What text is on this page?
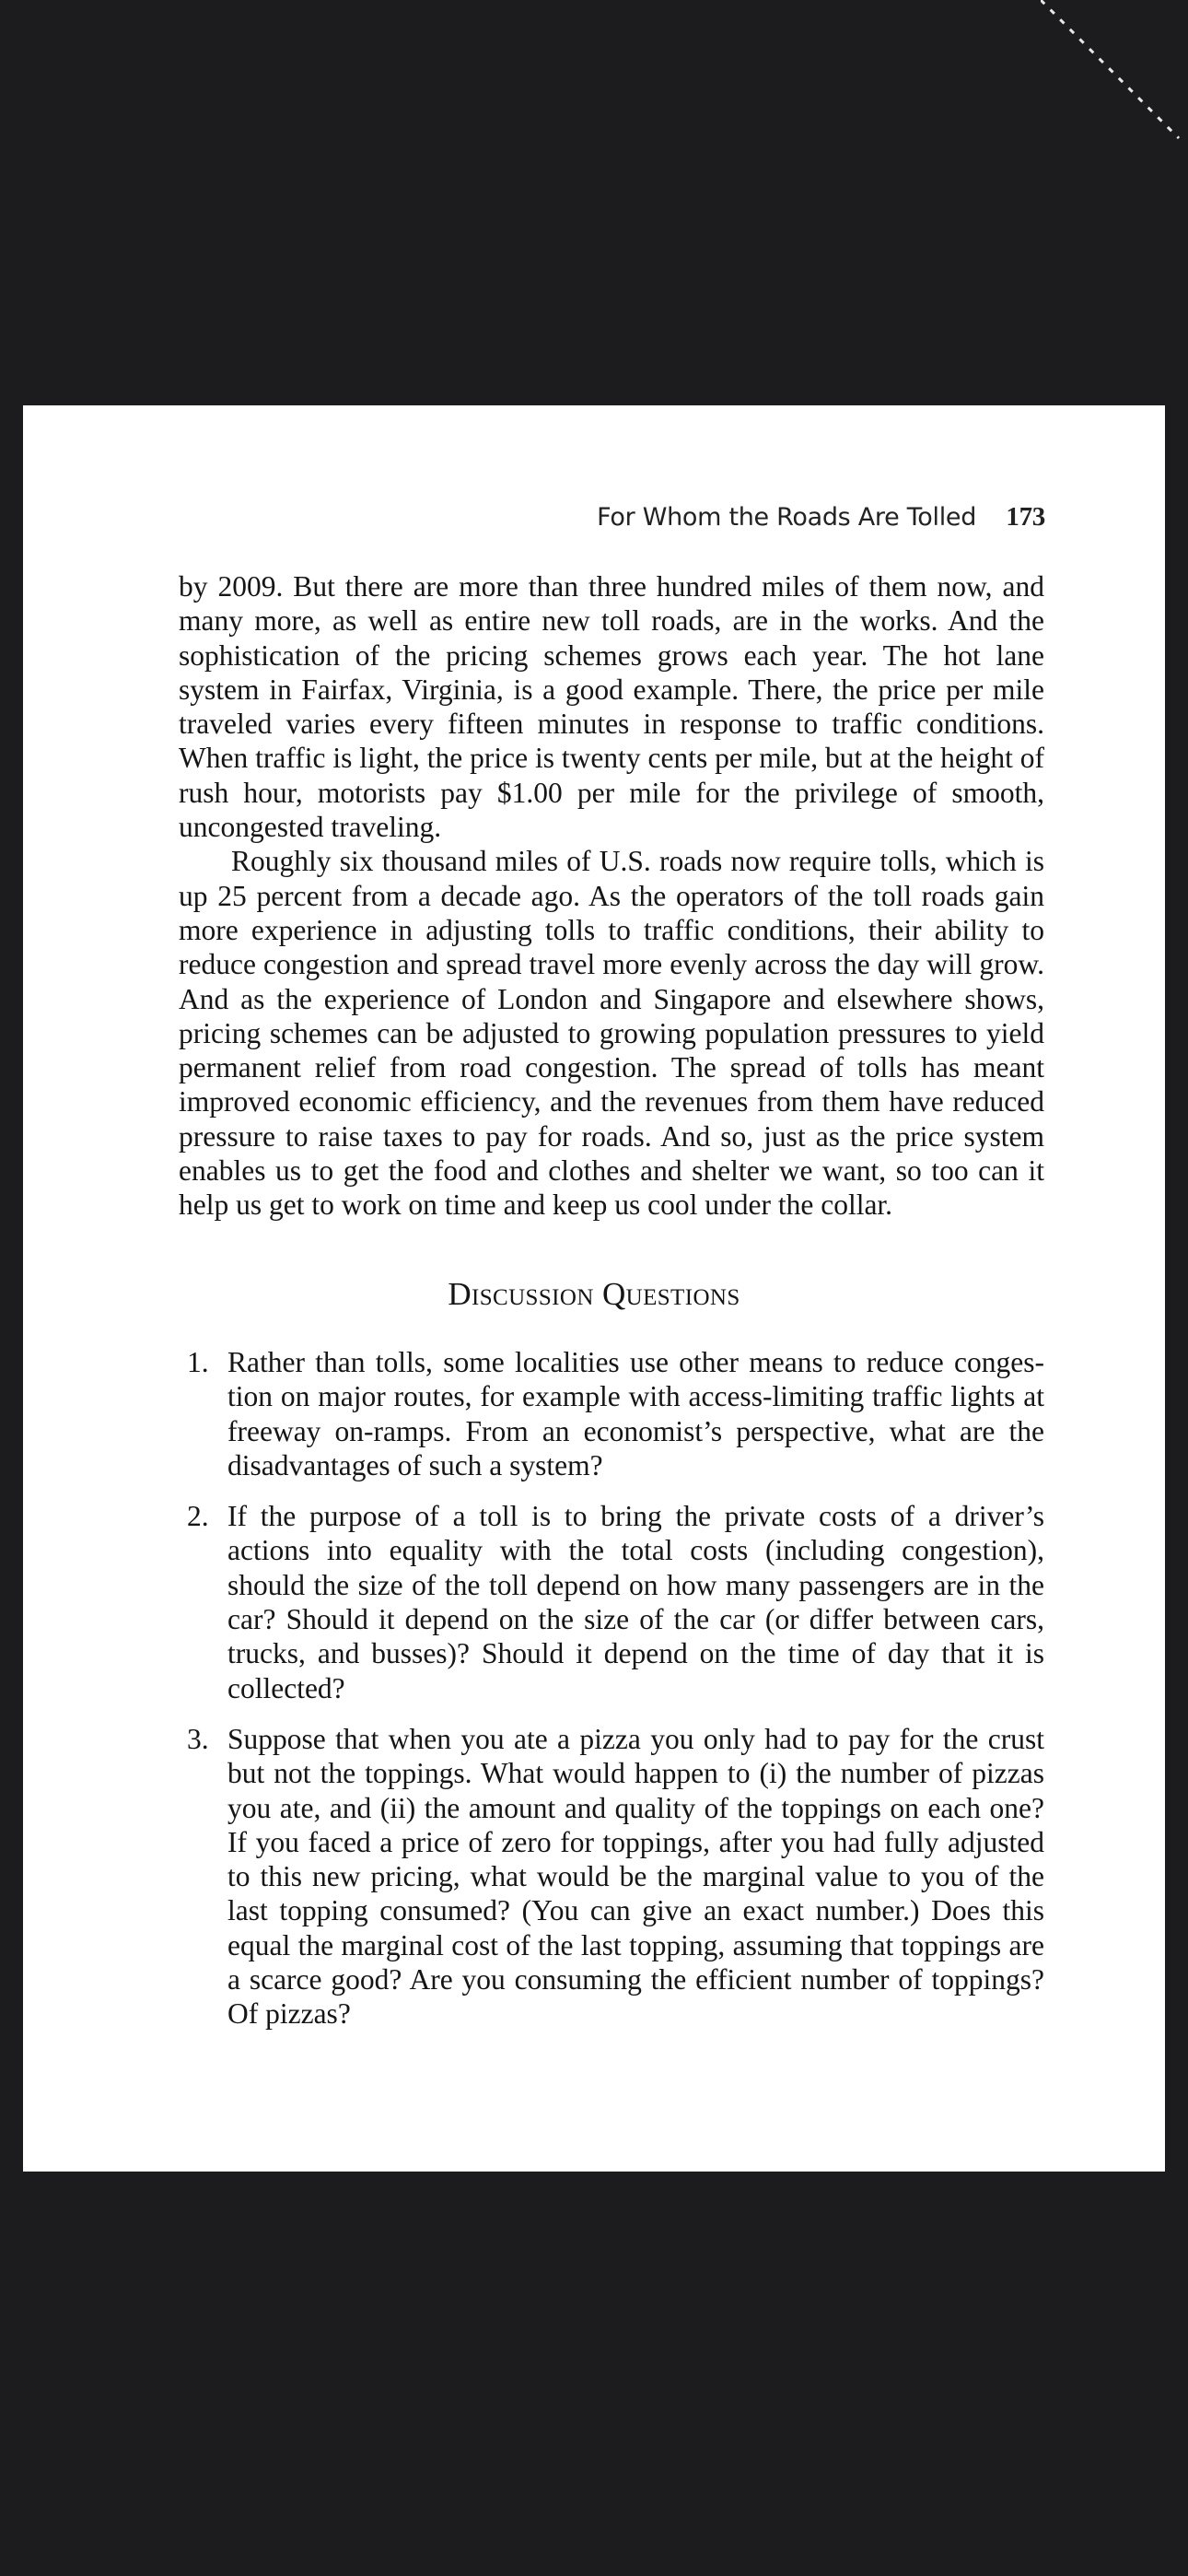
For Whom the Roads Are Tolled 173

by 2009. But there are more than three hundred miles of them now, and many more, as well as entire new toll roads, are in the works. And the sophistication of the pricing schemes grows each year. The hot lane system in Fairfax, Virginia, is a good example. There, the price per mile traveled varies every fifteen minutes in response to traffic conditions. When traffic is light, the price is twenty cents per mile, but at the height of rush hour, motorists pay $1.00 per mile for the privilege of smooth, uncongested traveling.

Roughly six thousand miles of U.S. roads now require tolls, which is up 25 percent from a decade ago. As the operators of the toll roads gain more experience in adjusting tolls to traffic conditions, their ability to reduce congestion and spread travel more evenly across the day will grow. And as the experience of London and Singapore and elsewhere shows, pricing schemes can be adjusted to growing population pressures to yield permanent relief from road congestion. The spread of tolls has meant improved economic efficiency, and the revenues from them have reduced pressure to raise taxes to pay for roads. And so, just as the price system enables us to get the food and clothes and shelter we want, so too can it help us get to work on time and keep us cool under the collar.

Discussion Questions
1. Rather than tolls, some localities use other means to reduce congestion on major routes, for example with access-limiting traffic lights at freeway on-ramps. From an economist’s perspective, what are the disadvantages of such a system?
2. If the purpose of a toll is to bring the private costs of a driver’s actions into equality with the total costs (including congestion), should the size of the toll depend on how many passengers are in the car? Should it depend on the size of the car (or differ between cars, trucks, and busses)? Should it depend on the time of day that it is collected?
3. Suppose that when you ate a pizza you only had to pay for the crust but not the toppings. What would happen to (i) the number of pizzas you ate, and (ii) the amount and quality of the toppings on each one? If you faced a price of zero for toppings, after you had fully adjusted to this new pricing, what would be the marginal value to you of the last topping consumed? (You can give an exact number.) Does this equal the marginal cost of the last topping, assuming that toppings are a scarce good? Are you consuming the efficient number of toppings? Of pizzas?
